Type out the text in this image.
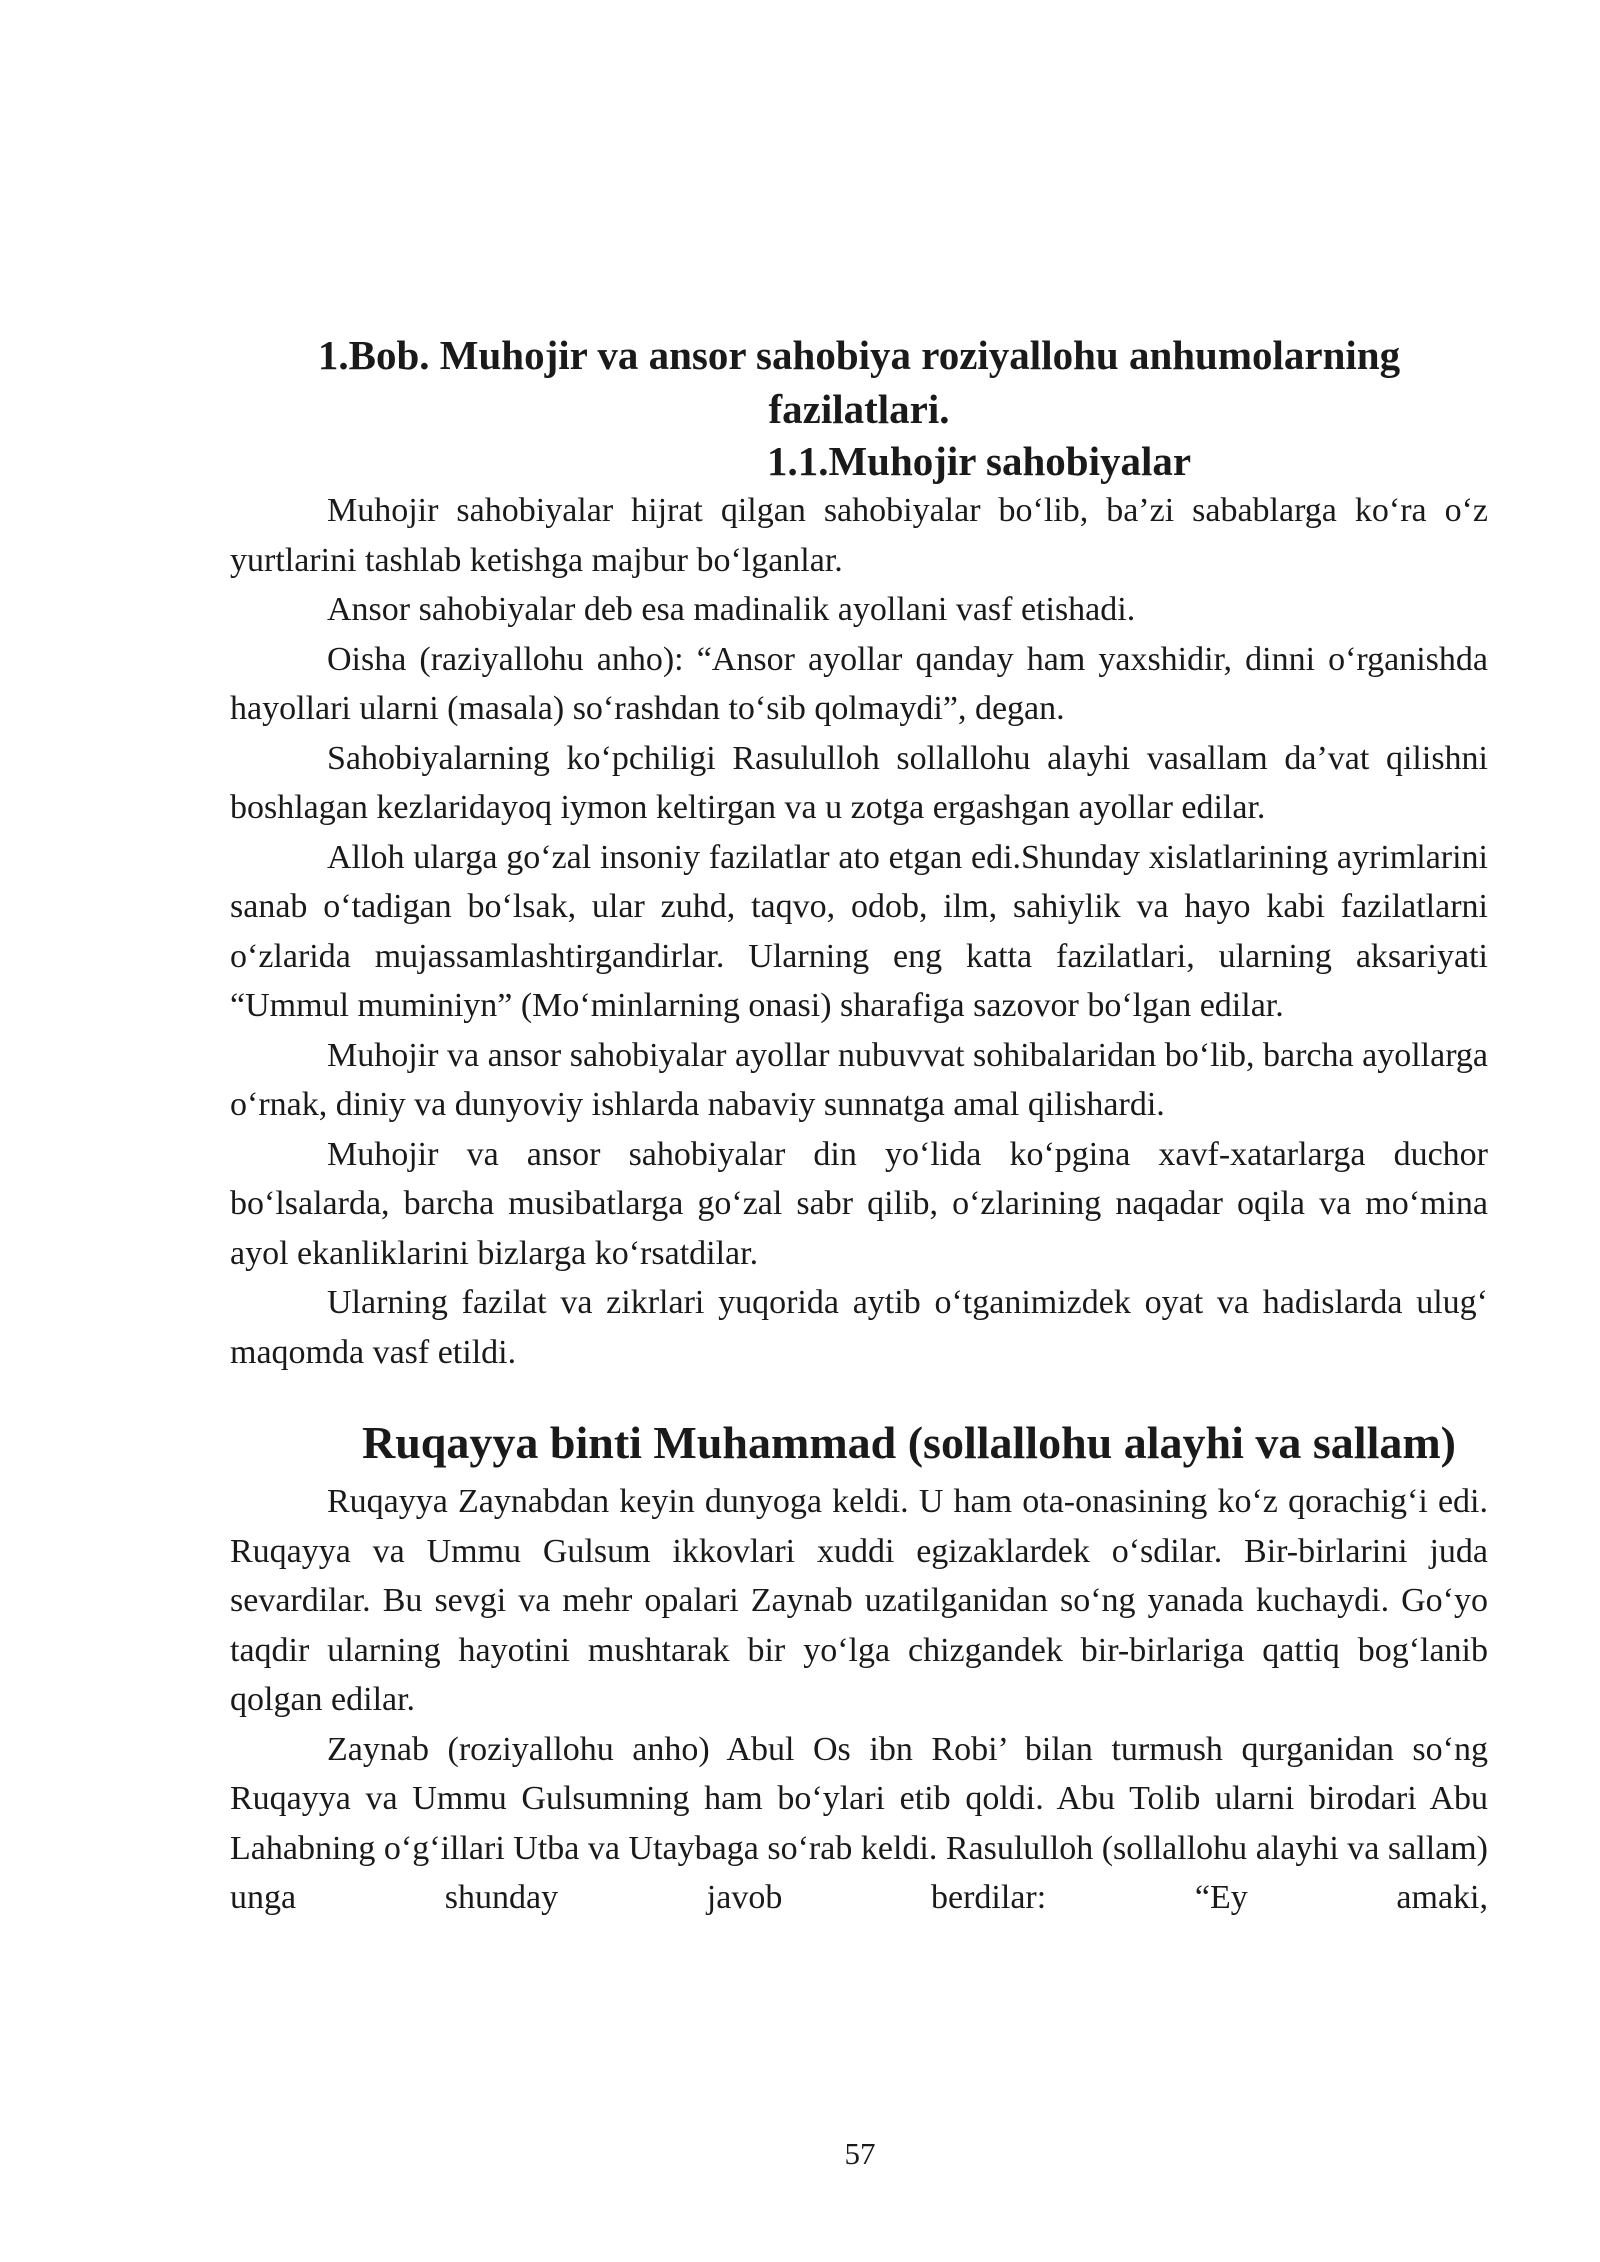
1.Bob. Muhojir va ansor sahobiya roziyallohu anhumolarning
fazilatlari.
1.1.Muhojir sahobiyalar

Muhojir sahobiyalar hijrat qilgan sahobiyalar bo‘lib, ba’zi sabablarga ko‘ra o‘z yurtlarini tashlab ketishga majbur bo‘lganlar.

Ansor sahobiyalar deb esa madinalik ayollani vasf etishadi.

Oisha (raziyallohu anho): “Ansor ayollar qanday ham yaxshidir, dinni o‘rganishda hayollari ularni (masala) so‘rashdan to‘sib qolmaydi”, degan.

Sahobiyalarning ko‘pchiligi Rasululloh sollallohu alayhi vasallam da’vat qilishni boshlagan kezlaridayoq iymon keltirgan va u zotga ergashgan ayollar edilar.

Alloh ularga go‘zal insoniy fazilatlar ato etgan edi.Shunday xislatlarining ayrimlarini sanab o‘tadigan bo‘lsak, ular zuhd, taqvo, odob, ilm, sahiylik va hayo kabi fazilatlarni o‘zlarida mujassamlashtirgandirlar. Ularning eng katta fazilatlari, ularning aksariyati “Ummul muminiyn” (Mo‘minlarning onasi) sharafiga sazovor bo‘lgan edilar.

Muhojir va ansor sahobiyalar ayollar nubuvvat sohibalaridan bo‘lib, barcha ayollarga o‘rnak, diniy va dunyoviy ishlarda nabaviy sunnatga amal qilishardi.

Muhojir va ansor sahobiyalar din yo‘lida ko‘pgina xavf-xatarlarga duchor bo‘lsalarda, barcha musibatlarga go‘zal sabr qilib, o‘zlarining naqadar oqila va mo‘mina ayol ekanliklarini bizlarga ko‘rsatdilar.

Ularning fazilat va zikrlari yuqorida aytib o‘tganimizdek oyat va hadislarda ulug‘ maqomda vasf etildi.

Ruqayya binti Muhammad (sollallohu alayhi va sallam)

Ruqayya Zaynabdan keyin dunyoga keldi. U ham ota-onasining ko‘z qorachig‘i edi. Ruqayya va Ummu Gulsum ikkovlari xuddi egizaklardek o‘sdilar. Bir-birlarini juda sevardilar. Bu sevgi va mehr opalari Zaynab uzatilganidan so‘ng yanada kuchaydi. Go‘yo taqdir ularning hayotini mushtarak bir yo‘lga chizgandek bir-birlariga qattiq bog‘lanib qolgan edilar.

Zaynab (roziyallohu anho) Abul Os ibn Robi’ bilan turmush qurganidan so‘ng Ruqayya va Ummu Gulsumning ham bo‘ylari etib qoldi. Abu Tolib ularni birodari Abu Lahabning o‘g‘illari Utba va Utaybaga so‘rab keldi. Rasululloh (sollallohu alayhi va sallam) unga shunday javob berdilar: “Ey amaki,

57
